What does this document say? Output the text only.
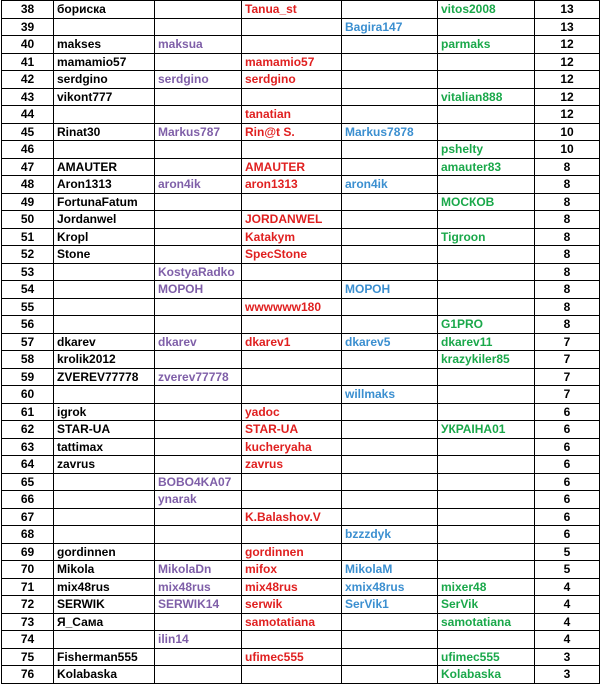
38	бориска		Tanua_st		vitos2008	13
39				Bagira147		13
40	makses	maksua			parmaks	12
41	mamamio57		mamamio57			12
42	serdgino	serdgino	serdgino			12
43	vikont777				vitalian888	12
44			tanatian			12
45	Rinat30	Markus787	Rin@t S.	Markus7878		10
46					pshelty	10
47	AMAUTER		AMAUTER		amauter83	8
48	Aron1313	aron4ik	aron1313	aron4ik		8
49	FortunaFatum				МОСКОВ	8
50	Jordanwel		JORDANWEL			8
51	Kropl		Katakym		Tigroon	8
52	Stone		SpecStone			8
53		KostyaRadko				8
54		МОРОН		МОРОН		8
55			wwwwww180			8
56					G1PRO	8
57	dkarev	dkarev	dkarev1	dkarev5	dkarev11	7
58	krolik2012				krazykiler85	7
59	ZVEREV77778	zverev77778				7
60				willmaks		7
61	igrok		yadoc			6
62	STAR-UA		STAR-UA		УКРАIНА01	6
63	tattimax		kucheryaha			6
64	zavrus		zavrus			6
65		BOBO4KA07				6
66		ynarak				6
67			K.Balashov.V			6
68				bzzzdyk		6
69	gordinnen		gordinnen			5
70	Mikola	MikolaDn	mifox	MikolaM		5
71	mix48rus	mix48rus	mix48rus	xmix48rus	mixer48	4
72	SERWIK	SERWIK14	serwik	SerVik1	SerVik	4
73	Я_Сама		samotatiana		samotatiana	4
74		ilin14				4
75	Fisherman555		ufimec555		ufimec555	3
76	Kolabaska				Kolabaska	3
